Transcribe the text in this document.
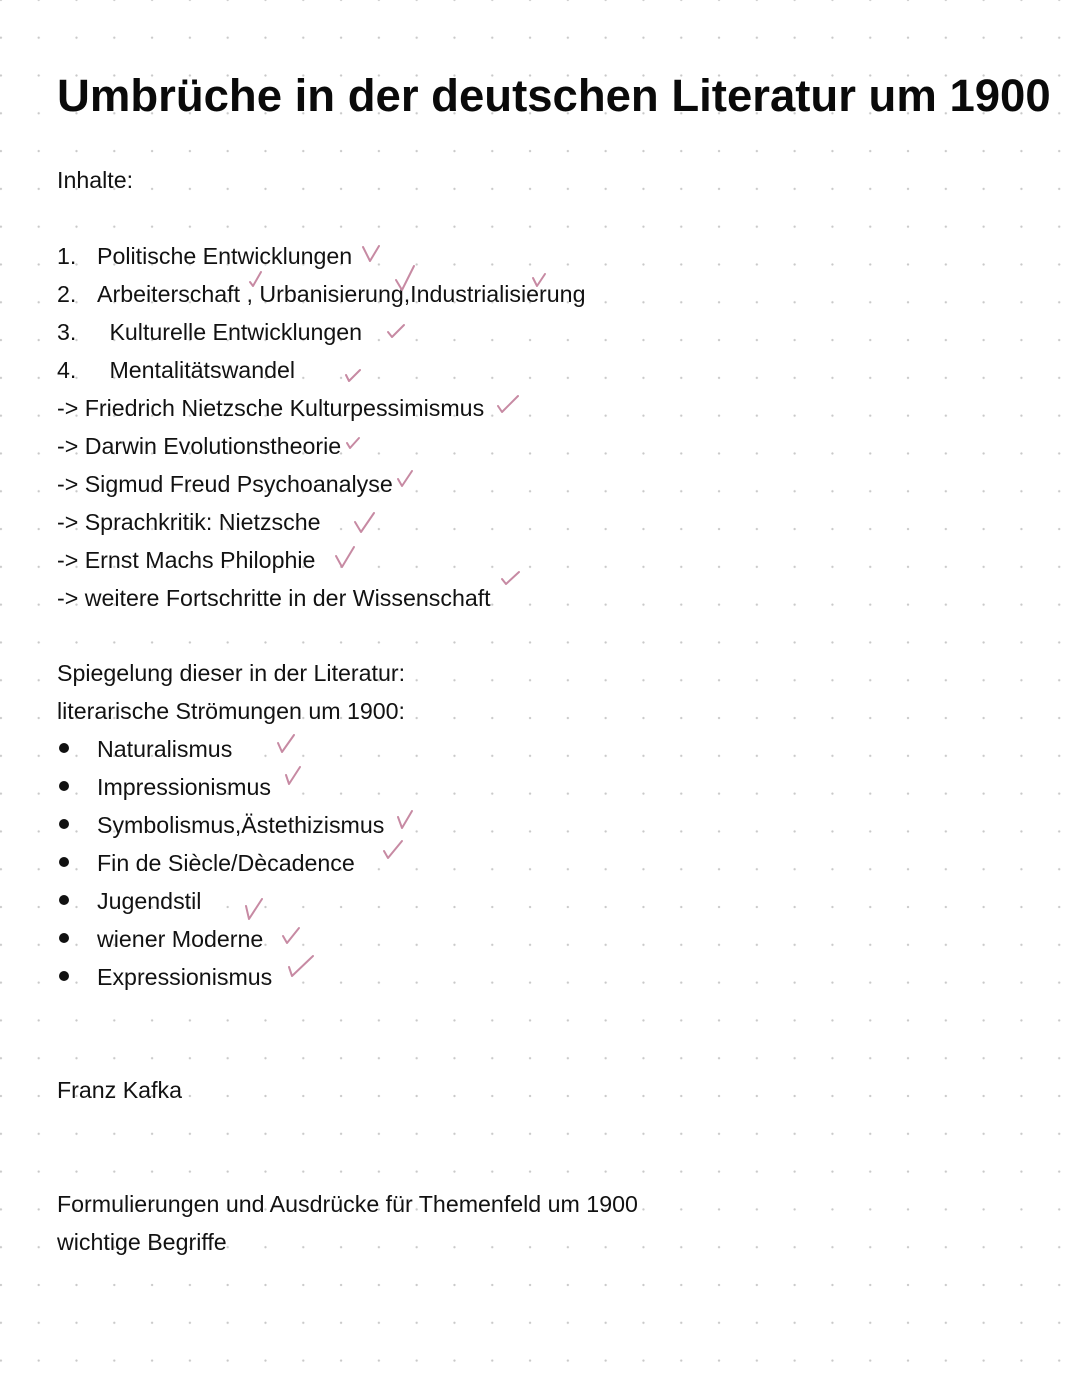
Umbrüche in der deutschen Literatur um 1900
Inhalte:
1. Politische Entwicklungen
2. Arbeiterschaft , Urbanisierung,Industrialisierung
3. Kulturelle Entwicklungen
4. Mentalitätswandel
-> Friedrich Nietzsche Kulturpessimismus
-> Darwin Evolutionstheorie
-> Sigmud Freud Psychoanalyse
-> Sprachkritik: Nietzsche
-> Ernst Machs Philophie
-> weitere Fortschritte in der Wissenschaft
Spiegelung dieser in der Literatur:
literarische Strömungen um 1900:
Naturalismus
Impressionismus
Symbolismus,Ästethizismus
Fin de Siècle/Dècadence
Jugendstil
wiener Moderne
Expressionismus
Franz Kafka
Formulierungen und Ausdrücke für Themenfeld um 1900
wichtige Begriffe
